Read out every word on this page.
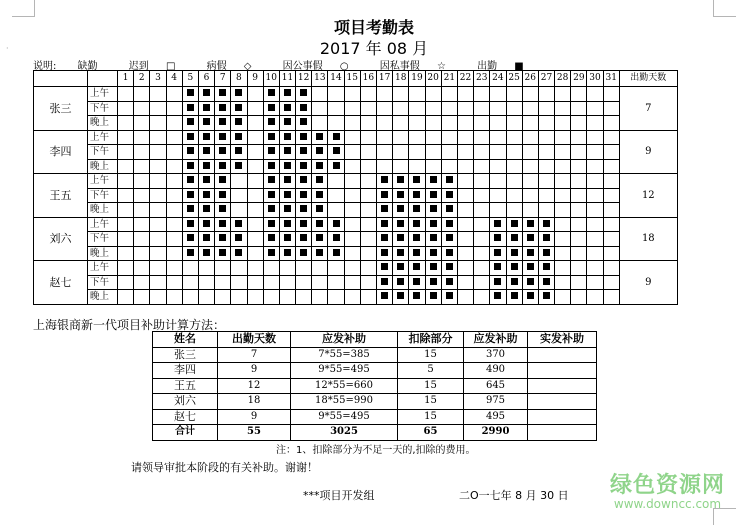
·
项目考勤表
2017 年 08 月
说明: 缺勤	迟到 □	病假 ◇	因公事假 ○	因私事假 ☆	出勤 ■
		1	2	3	4	5	6	7	8	9	10	11	12	13	14	15	16	17	18	19	20	21	22	23	24	25	26	27	28	29	30	31	出勤天数
张三	上午																																7
	下午																																
	晚上																																
李四	上午																																9
	下午																																
	晚上																																
王五	上午																																12
	下午																																
	晚上																																
刘六	上午																																18
	下午																																
	晚上																																
赵七	上午																																9
	下午																																
	晚上																																
上海银商新一代项目补助计算方法：
姓名	出勤天数	应发补助	扣除部分	应发补助	实发补助
张三	7	7*55=385	15	370	
李四	9	9*55=495	5	490	
王五	12	12*55=660	15	645	
刘六	18	18*55=990	15	975	
赵七	9	9*55=495	15	495	
合计	55	3025	65	2990	
注：1、扣除部分为不足一天的,扣除的费用。
请领导审批本阶段的有关补助。谢谢！
***项目开发组	二O一七年 8 月 30 日 绿色资源网
www.downcc.com
